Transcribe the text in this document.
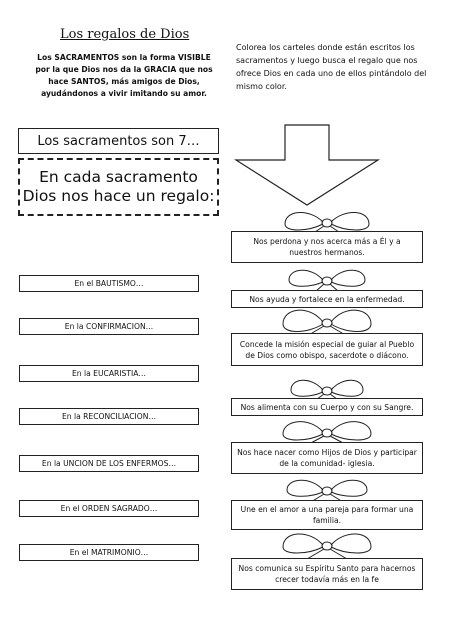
Los regalos de Dios
Los SACRAMENTOS son la forma VISIBLE
por la que Dios nos da la GRACIA que nos
hace SANTOS, más amigos de Dios,
ayudándonos a vivir imitando su amor.
Colorea los carteles donde están escritos los sacramentos y luego busca el regalo que nos ofrece Dios en cada uno de ellos pintándolo del mismo color.
Los sacramentos son 7…
En cada sacramento
Dios nos hace un regalo:
En el BAUTISMO…
En la CONFIRMACION…
En la EUCARISTIA…
En la RECONCILIACION…
En la UNCION DE LOS ENFERMOS…
En el ORDEN SAGRADO…
En el MATRIMONIO…
Nos perdona y nos acerca más a Él y a nuestros hermanos.
Nos ayuda y fortalece en la enfermedad.
Concede la misión especial de guiar al Pueblo de Dios como obispo, sacerdote o diácono.
Nos alimenta con su Cuerpo y con su Sangre.
Nos hace nacer como Hijos de Dios y participar de la comunidad- iglesia.
Une en el amor a una pareja para formar una familia.
Nos comunica su Espíritu Santo para hacernos crecer todavía más en la fe
